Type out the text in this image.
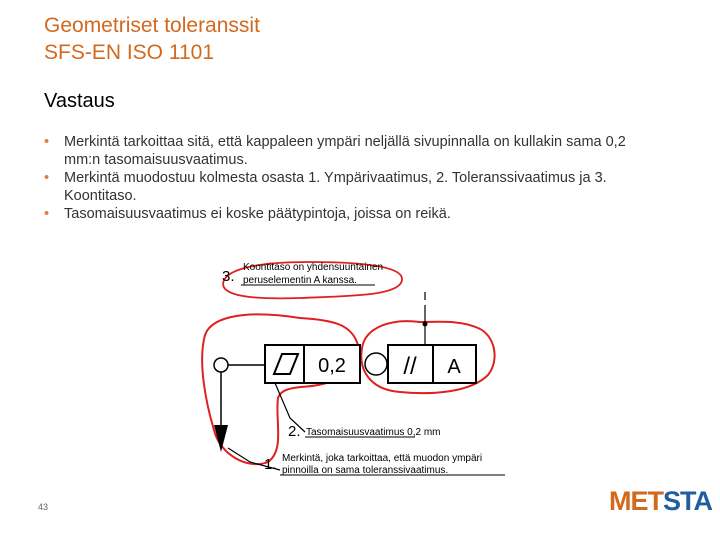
Geometriset toleranssit
SFS-EN ISO 1101
Vastaus
• Merkintä tarkoittaa sitä, että kappaleen ympäri neljällä sivupinnalla on kullakin sama 0,2 mm:n tasomaisuusvaatimus.
• Merkintä muodostuu kolmesta osasta 1. Ympärivaatimus, 2. Toleranssivaatimus ja 3. Koontitaso.
• Tasomaisuusvaatimus ei koske päätypintoja, joissa on reikä.
0,2 // A
3.
Koontitaso on yhdensuuntainen
peruselementin A kanssa.
2. Tasomaisuusvaatimus 0,2 mm
1. Merkintä, joka tarkoittaa, että muodon ympäri
pinnoilla on sama toleranssivaatimus.
43	METSTA
